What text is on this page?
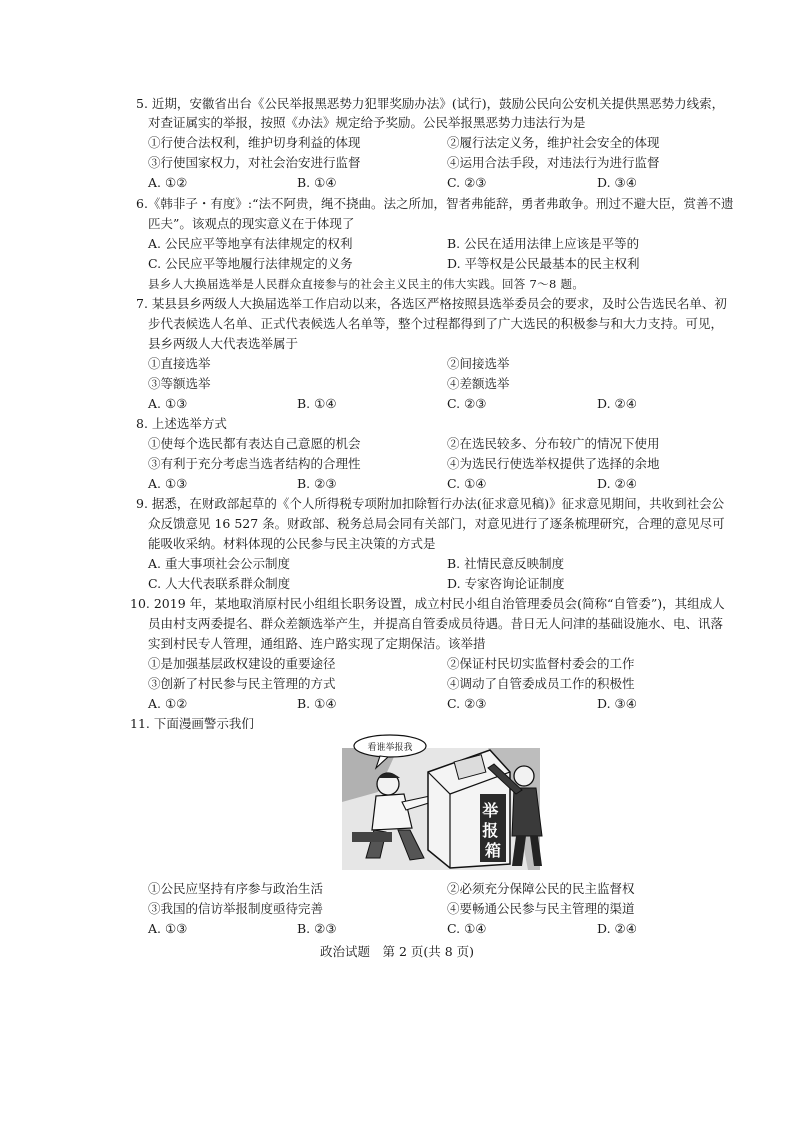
5. 近期，安徽省出台《公民举报黑恶势力犯罪奖励办法》(试行)，鼓励公民向公安机关提供黑恶势力线索，
对查证属实的举报，按照《办法》规定给予奖励。公民举报黑恶势力违法行为是
①行使合法权利，维护切身利益的体现	②履行法定义务，维护社会安全的体现
③行使国家权力，对社会治安进行监督	④运用合法手段，对违法行为进行监督
A. ①②	B. ①④	C. ②③	D. ③④
6.《韩非子・有度》:“法不阿贵，绳不挠曲。法之所加，智者弗能辞，勇者弗敢争。刑过不避大臣，赏善不遗
匹夫”。该观点的现实意义在于体现了
A. 公民应平等地享有法律规定的权利	B. 公民在适用法律上应该是平等的
C. 公民应平等地履行法律规定的义务	D. 平等权是公民最基本的民主权利
县乡人大换届选举是人民群众直接参与的社会主义民主的伟大实践。回答 7～8 题。
7. 某县县乡两级人大换届选举工作启动以来，各选区严格按照县选举委员会的要求，及时公告选民名单、初
步代表候选人名单、正式代表候选人名单等，整个过程都得到了广大选民的积极参与和大力支持。可见，
县乡两级人大代表选举属于
①直接选举	②间接选举
③等额选举	④差额选举
A. ①③	B. ①④	C. ②③	D. ②④
8. 上述选举方式
①使每个选民都有表达自己意愿的机会	②在选民较多、分布较广的情况下使用
③有利于充分考虑当选者结构的合理性	④为选民行使选举权提供了选择的余地
A. ①③	B. ②③	C. ①④	D. ②④
9. 据悉，在财政部起草的《个人所得税专项附加扣除暂行办法(征求意见稿)》征求意见期间，共收到社会公
众反馈意见 16 527 条。财政部、税务总局会同有关部门，对意见进行了逐条梳理研究，合理的意见尽可
能吸收采纳。材料体现的公民参与民主决策的方式是
A. 重大事项社会公示制度	B. 社情民意反映制度
C. 人大代表联系群众制度	D. 专家咨询论证制度
10. 2019 年，某地取消原村民小组组长职务设置，成立村民小组自治管理委员会(简称“自管委”)，其组成人
员由村支两委提名、群众差额选举产生，并提高自管委成员待遇。昔日无人问津的基础设施水、电、讯落
实到村民专人管理，通组路、连户路实现了定期保洁。该举措
①是加强基层政权建设的重要途径	②保证村民切实监督村委会的工作
③创新了村民参与民主管理的方式	④调动了自管委成员工作的积极性
A. ①②	B. ①④	C. ②③	D. ③④
11. 下面漫画警示我们
看谁举报我
举 报 箱
①公民应坚持有序参与政治生活	②必须充分保障公民的民主监督权
③我国的信访举报制度亟待完善	④要畅通公民参与民主管理的渠道
A. ①③	B. ②③	C. ①④	D. ②④
政治试题　第 2 页(共 8 页)
